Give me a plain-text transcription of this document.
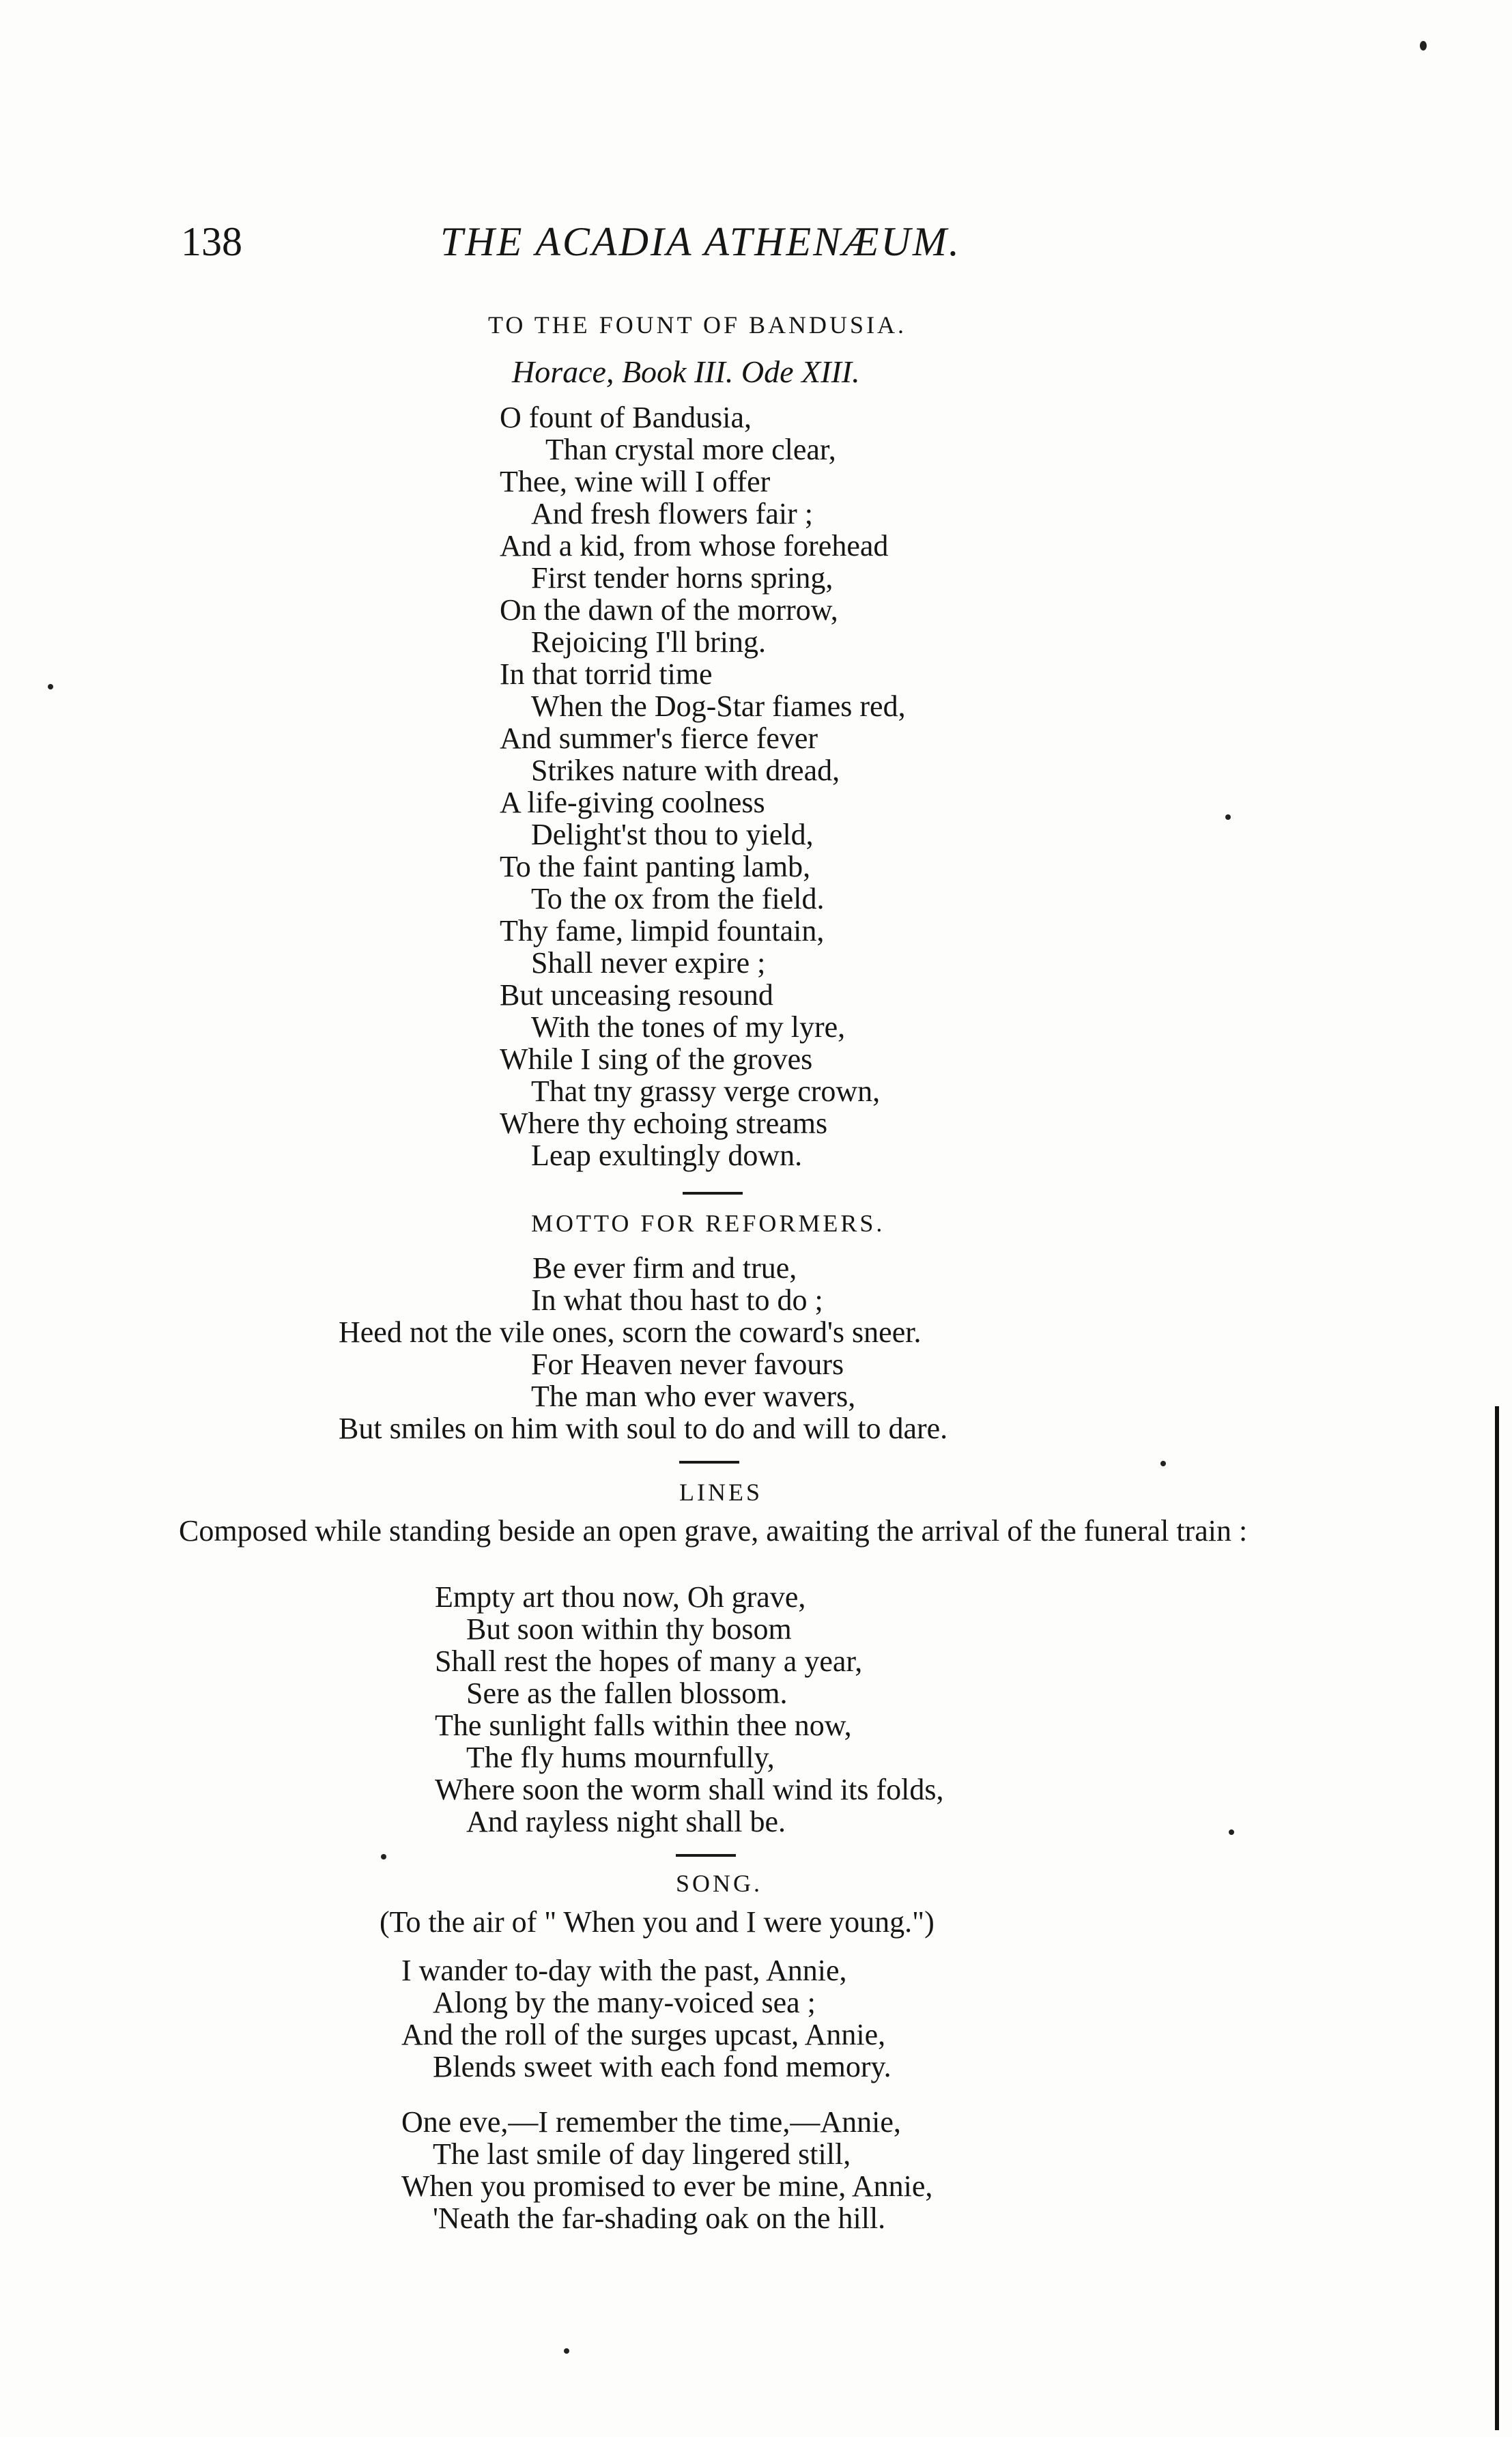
138	THE ACADIA ATHENÆUM.
TO THE FOUNT OF BANDUSIA.
Horace, Book III. Ode XIII.
O fount of Bandusia,
Than crystal more clear,
Thee, wine will I offer
And fresh flowers fair ;
And a kid, from whose forehead
First tender horns spring,
On the dawn of the morrow,
Rejoicing I'll bring.
In that torrid time
When the Dog-Star fiames red,
And summer's fierce fever
Strikes nature with dread,
A life-giving coolness
Delight'st thou to yield,
To the faint panting lamb,
To the ox from the field.
Thy fame, limpid fountain,
Shall never expire ;
But unceasing resound
With the tones of my lyre,
While I sing of the groves
That tny grassy verge crown,
Where thy echoing streams
Leap exultingly down.
MOTTO FOR REFORMERS.
Be ever firm and true,
In what thou hast to do ;
Heed not the vile ones, scorn the coward's sneer.
For Heaven never favours
The man who ever wavers,
But smiles on him with soul to do and will to dare.
LINES
Composed while standing beside an open grave, awaiting the arrival of the funeral train :
Empty art thou now, Oh grave,
But soon within thy bosom
Shall rest the hopes of many a year,
Sere as the fallen blossom.
The sunlight falls within thee now,
The fly hums mournfully,
Where soon the worm shall wind its folds,
And rayless night shall be.
SONG.
(To the air of " When you and I were young.")
I wander to-day with the past, Annie,
Along by the many-voiced sea ;
And the roll of the surges upcast, Annie,
Blends sweet with each fond memory.
One eve,—I remember the time,—Annie,
The last smile of day lingered still,
When you promised to ever be mine, Annie,
'Neath the far-shading oak on the hill.
